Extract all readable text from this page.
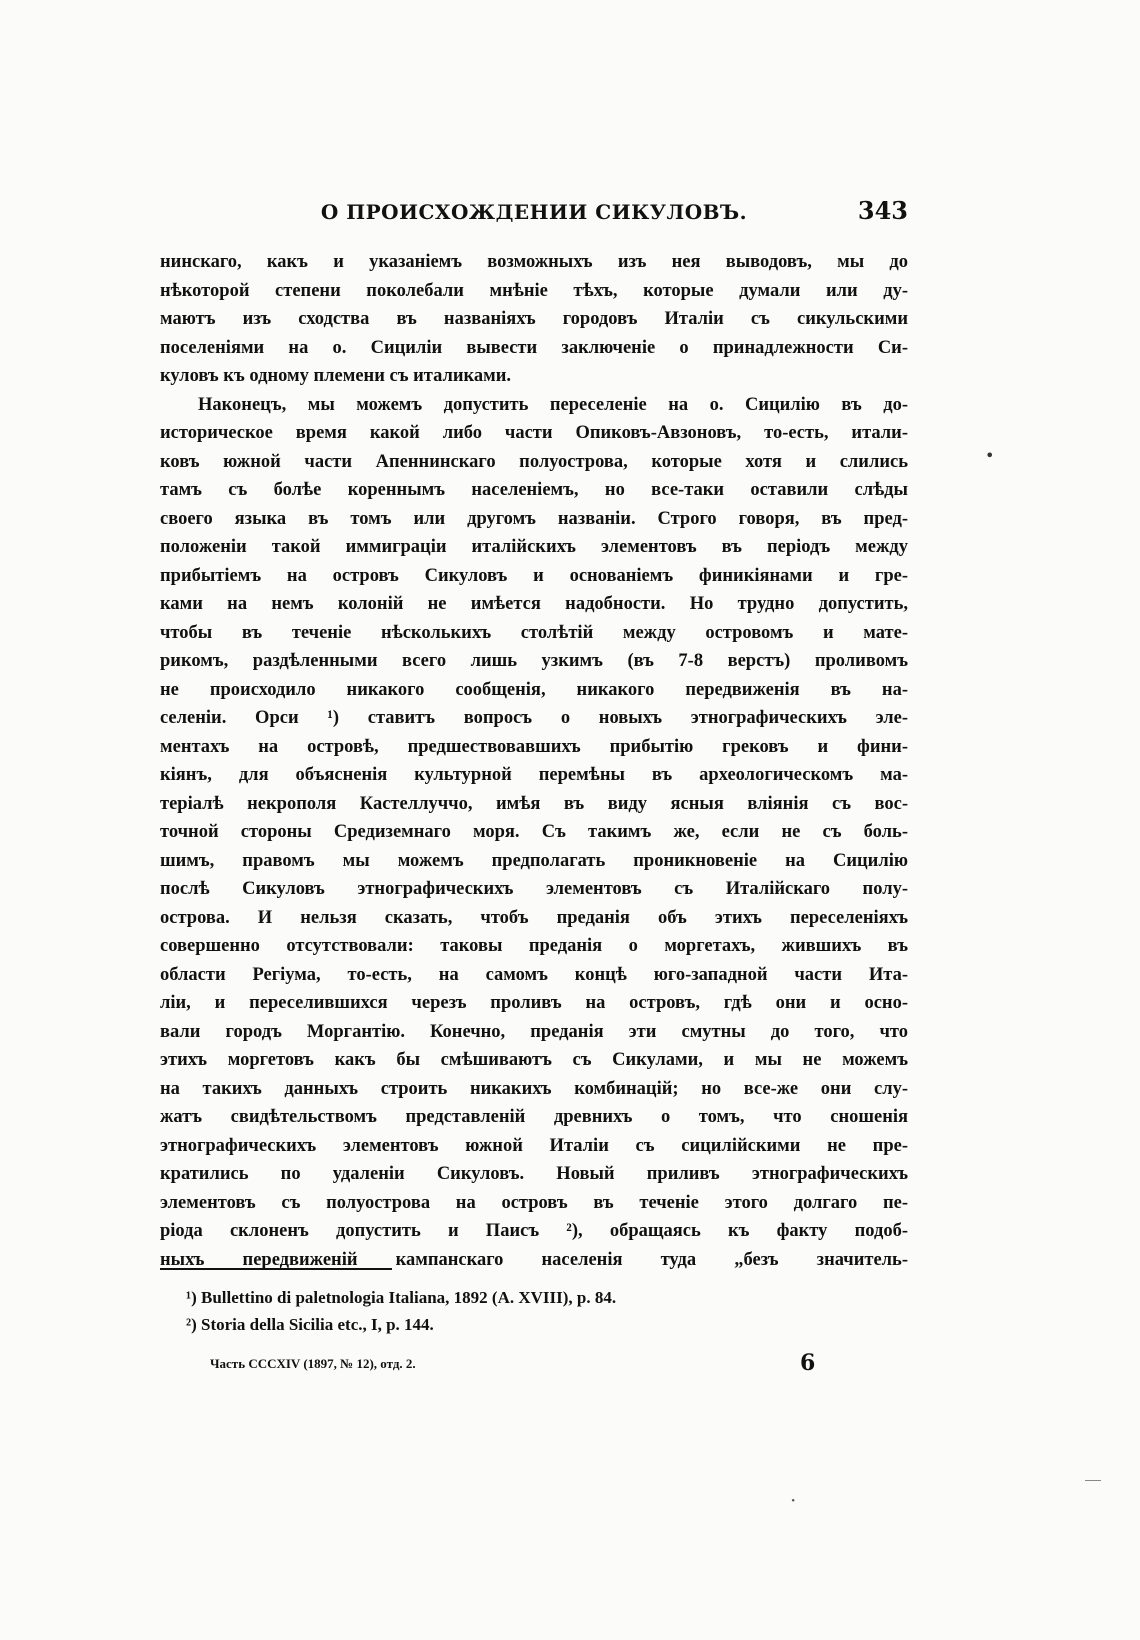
О ПРОИСХОЖДЕНИИ СИКУЛОВЪ.	343
нинскаго, какъ и указаніемъ возможныхъ изъ нея выводовъ, мы до
нѣкоторой степени поколебали мнѣніе тѣхъ, которые думали или ду-
маютъ изъ сходства въ названіяхъ городовъ Италіи съ сикульскими
поселеніями на о. Сициліи вывести заключеніе о принадлежности Си-
куловъ къ одному племени съ италиками.
Наконецъ, мы можемъ допустить переселеніе на о. Сицилію въ до-
историческое время какой либо части Опиковъ-Авзоновъ, то-есть, итали-
ковъ южной части Апеннинскаго полуострова, которые хотя и слились
тамъ съ болѣе кореннымъ населеніемъ, но все-таки оставили слѣды
своего языка въ томъ или другомъ названіи. Строго говоря, въ пред-
положеніи такой иммиграціи италійскихъ элементовъ въ періодъ между
прибытіемъ на островъ Сикуловъ и основаніемъ финикіянами и гре-
ками на немъ колоній не имѣется надобности. Но трудно допустить,
чтобы въ теченіе нѣсколькихъ столѣтій между островомъ и мате-
рикомъ, раздѣленными всего лишь узкимъ (въ 7-8 верстъ) проливомъ
не происходило никакого сообщенія, никакого передвиженія въ на-
селеніи. Орси ¹) ставитъ вопросъ о новыхъ этнографическихъ эле-
ментахъ на островѣ, предшествовавшихъ прибытію грековъ и фини-
кіянъ, для объясненія культурной перемѣны въ археологическомъ ма-
теріалѣ некрополя Кастеллуччо, имѣя въ виду ясныя вліянія съ вос-
точной стороны Средиземнаго моря. Съ такимъ же, если не съ боль-
шимъ, правомъ мы можемъ предполагать проникновеніе на Сицилію
послѣ Сикуловъ этнографическихъ элементовъ съ Италійскаго полу-
острова. И нельзя сказать, чтобъ преданія объ этихъ переселеніяхъ
совершенно отсутствовали: таковы преданія о моргетахъ, жившихъ въ
области Регіума, то-есть, на самомъ концѣ юго-западной части Ита-
ліи, и переселившихся черезъ проливъ на островъ, гдѣ они и осно-
вали городъ Моргантію. Конечно, преданія эти смутны до того, что
этихъ моргетовъ какъ бы смѣшиваютъ съ Сикулами, и мы не можемъ
на такихъ данныхъ строить никакихъ комбинацій; но все-же они слу-
жатъ свидѣтельствомъ представленій древнихъ о томъ, что сношенія
этнографическихъ элементовъ южной Италіи съ сицилійскими не пре-
кратились по удаленіи Сикуловъ. Новый приливъ этнографическихъ
элементовъ съ полуострова на островъ въ теченіе этого долгаго пе-
ріода склоненъ допустить и Паисъ ²), обращаясь къ факту подоб-
ныхъ передвиженій кампанскаго населенія туда „безъ значитель-
¹) Bullettino di paletnologia Italiana, 1892 (A. XVIII), p. 84.
²) Storia della Sicilia etc., I, p. 144.
Часть CCCXIV (1897, № 12), отд. 2.	6
•
·
